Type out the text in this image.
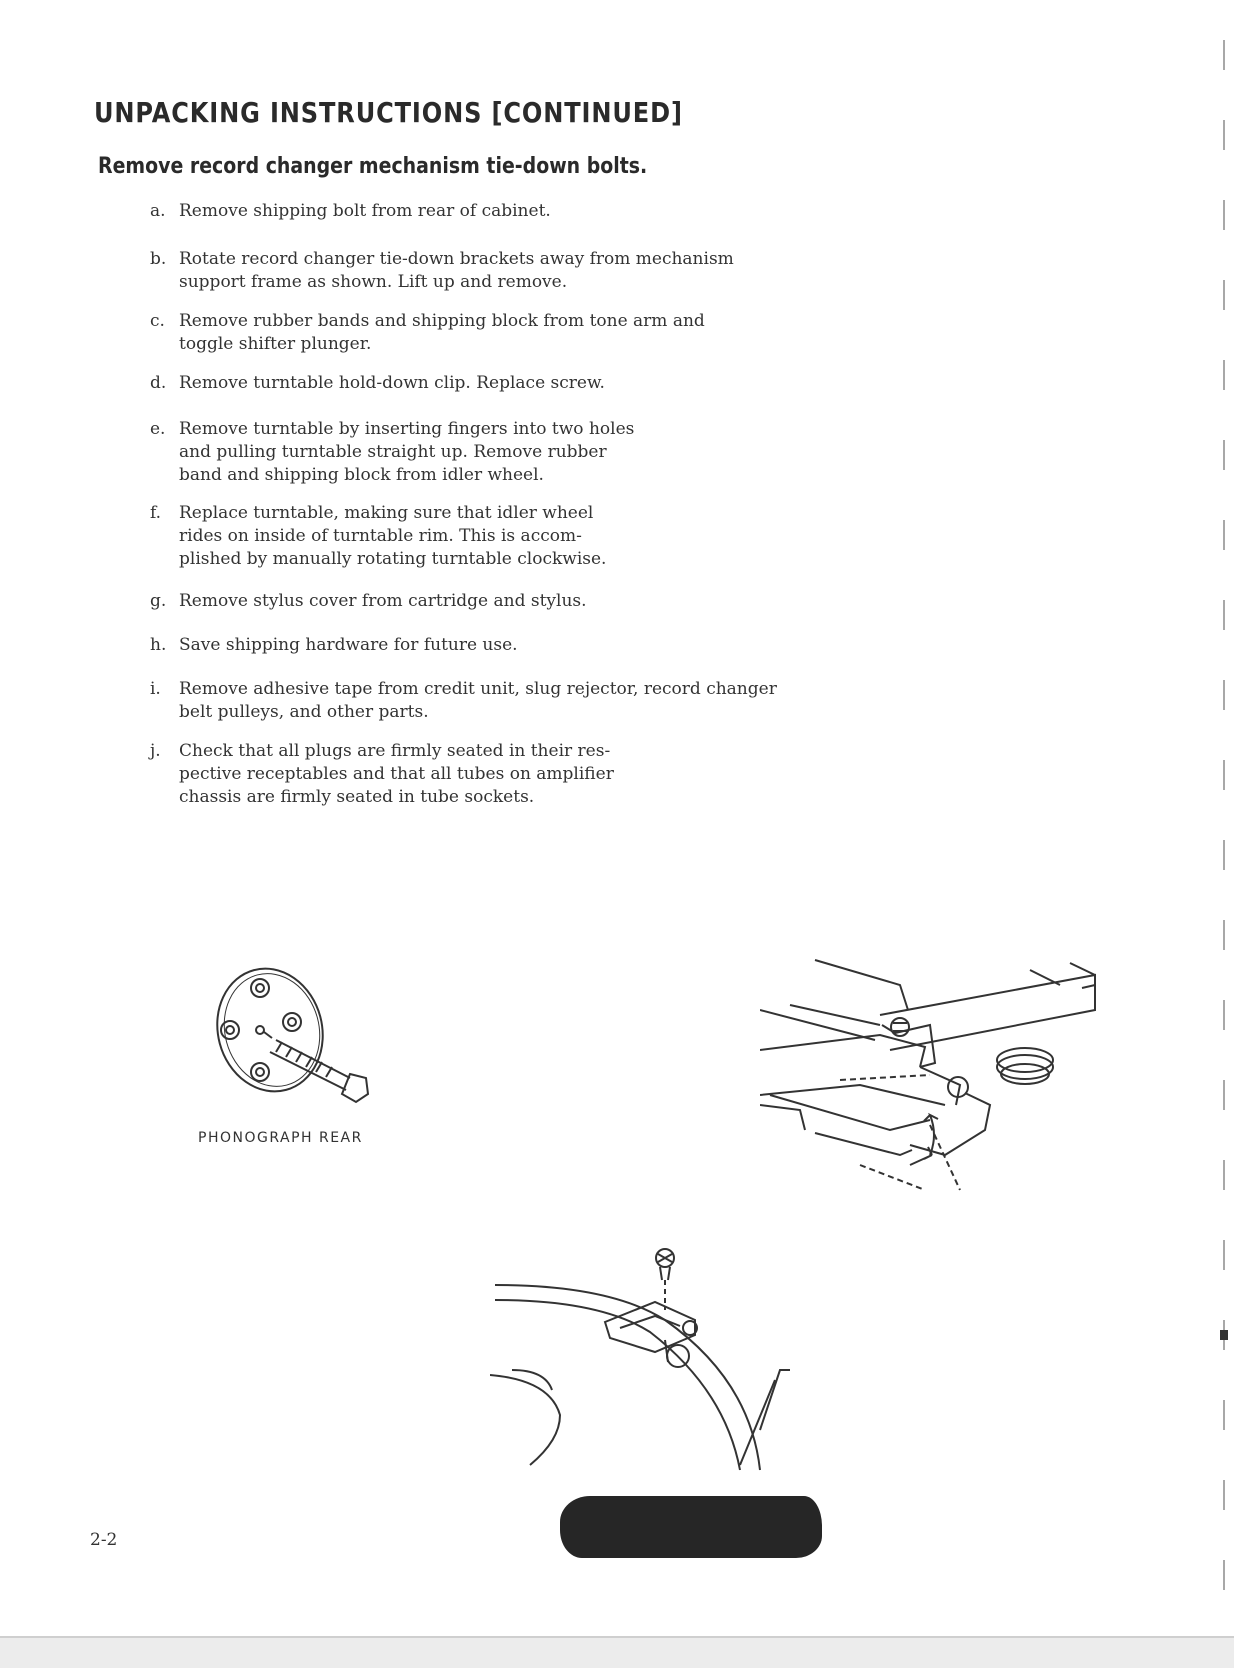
UNPACKING INSTRUCTIONS [CONTINUED]
Remove record changer mechanism tie-down bolts.
a. Remove shipping bolt from rear of cabinet.
b. Rotate record changer tie-down brackets away from mechanism
support frame as shown. Lift up and remove.
c. Remove rubber bands and shipping block from tone arm and
toggle shifter plunger.
d. Remove turntable hold-down clip. Replace screw.
e. Remove turntable by inserting fingers into two holes
and pulling turntable straight up. Remove rubber
band and shipping block from idler wheel.
f.	Replace turntable, making sure that idler wheel
rides on inside of turntable rim. This is accom-
plished by manually rotating turntable clockwise.
g. Remove stylus cover from cartridge and stylus.
h. Save shipping hardware for future use.
i.	Remove adhesive tape from credit unit, slug rejector, record changer
belt pulleys, and other parts.
j.	Check that all plugs are firmly seated in their res-
pective receptables and that all tubes on amplifier
chassis are firmly seated in tube sockets.
PHONOGRAPH REAR
2-2
